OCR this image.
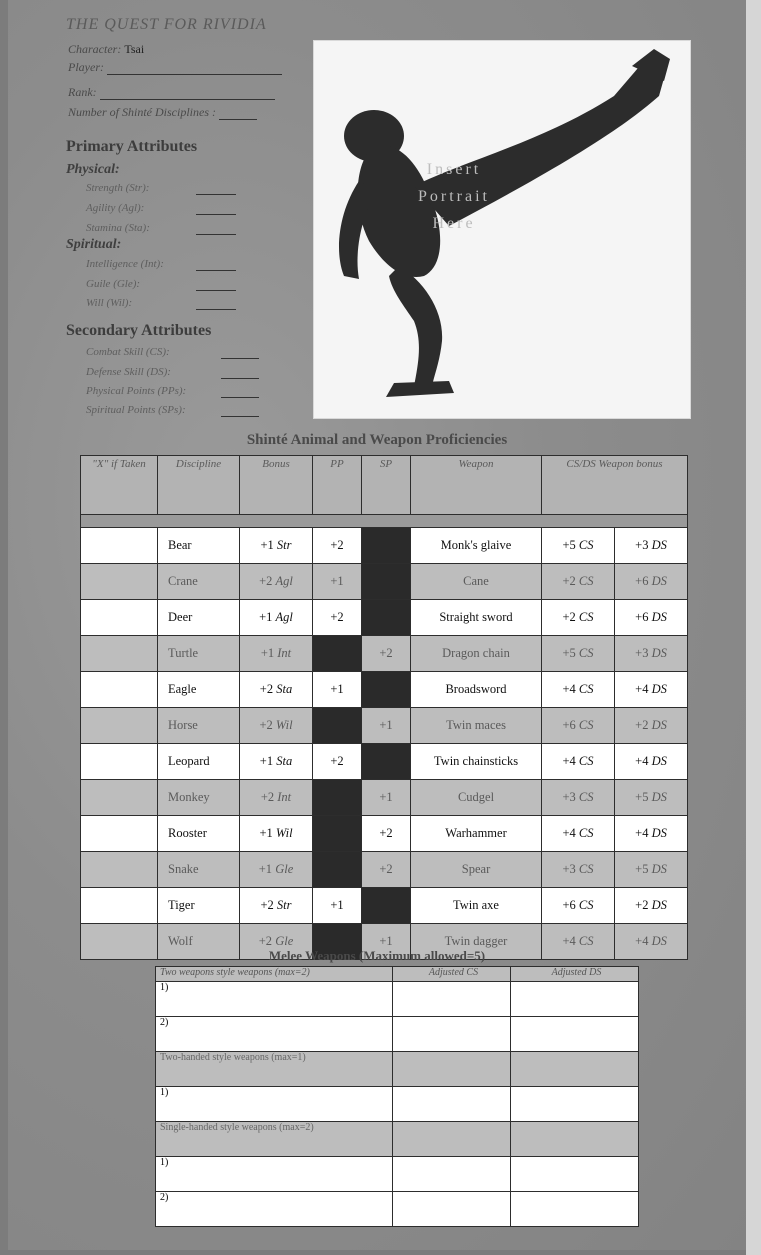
THE QUEST FOR RIVIDIA
Character: Tsai
Player:
Rank:
Number of Shinté Disciplines :
Primary Attributes
Physical:
Strength (Str):
Agility (Agl):
Stamina (Sta):
Spiritual:
Intelligence (Int):
Guile (Gle):
Will (Wil):
Secondary Attributes
Combat Skill (CS):
Defense Skill (DS):
Physical Points (PPs):
Spiritual Points (SPs):
Insert
Portrait
Here
Shinté Animal and Weapon Proficiencies
"X" if Taken	Discipline	Bonus	PP	SP	Weapon	CS/DS Weapon bonus	

	Bear	+1 Str	+2		Monk's glaive	+5 CS	+3 DS
	Crane	+2 Agl	+1		Cane	+2 CS	+6 DS
	Deer	+1 Agl	+2		Straight sword	+2 CS	+6 DS
	Turtle	+1 Int		+2	Dragon chain	+5 CS	+3 DS
	Eagle	+2 Sta	+1		Broadsword	+4 CS	+4 DS
	Horse	+2 Wil		+1	Twin maces	+6 CS	+2 DS
	Leopard	+1 Sta	+2		Twin chainsticks	+4 CS	+4 DS
	Monkey	+2 Int		+1	Cudgel	+3 CS	+5 DS
	Rooster	+1 Wil		+2	Warhammer	+4 CS	+4 DS
	Snake	+1 Gle		+2	Spear	+3 CS	+5 DS
	Tiger	+2 Str	+1		Twin axe	+6 CS	+2 DS
	Wolf	+2 Gle		+1	Twin dagger	+4 CS	+4 DS
Melee Weapons (Maximum allowed=5)
Two weapons style weapons (max=2)	Adjusted CS	Adjusted DS
1)		
2)		
Two-handed style weapons (max=1)		
1)		
Single-handed style weapons (max=2)		
1)		
2)		
